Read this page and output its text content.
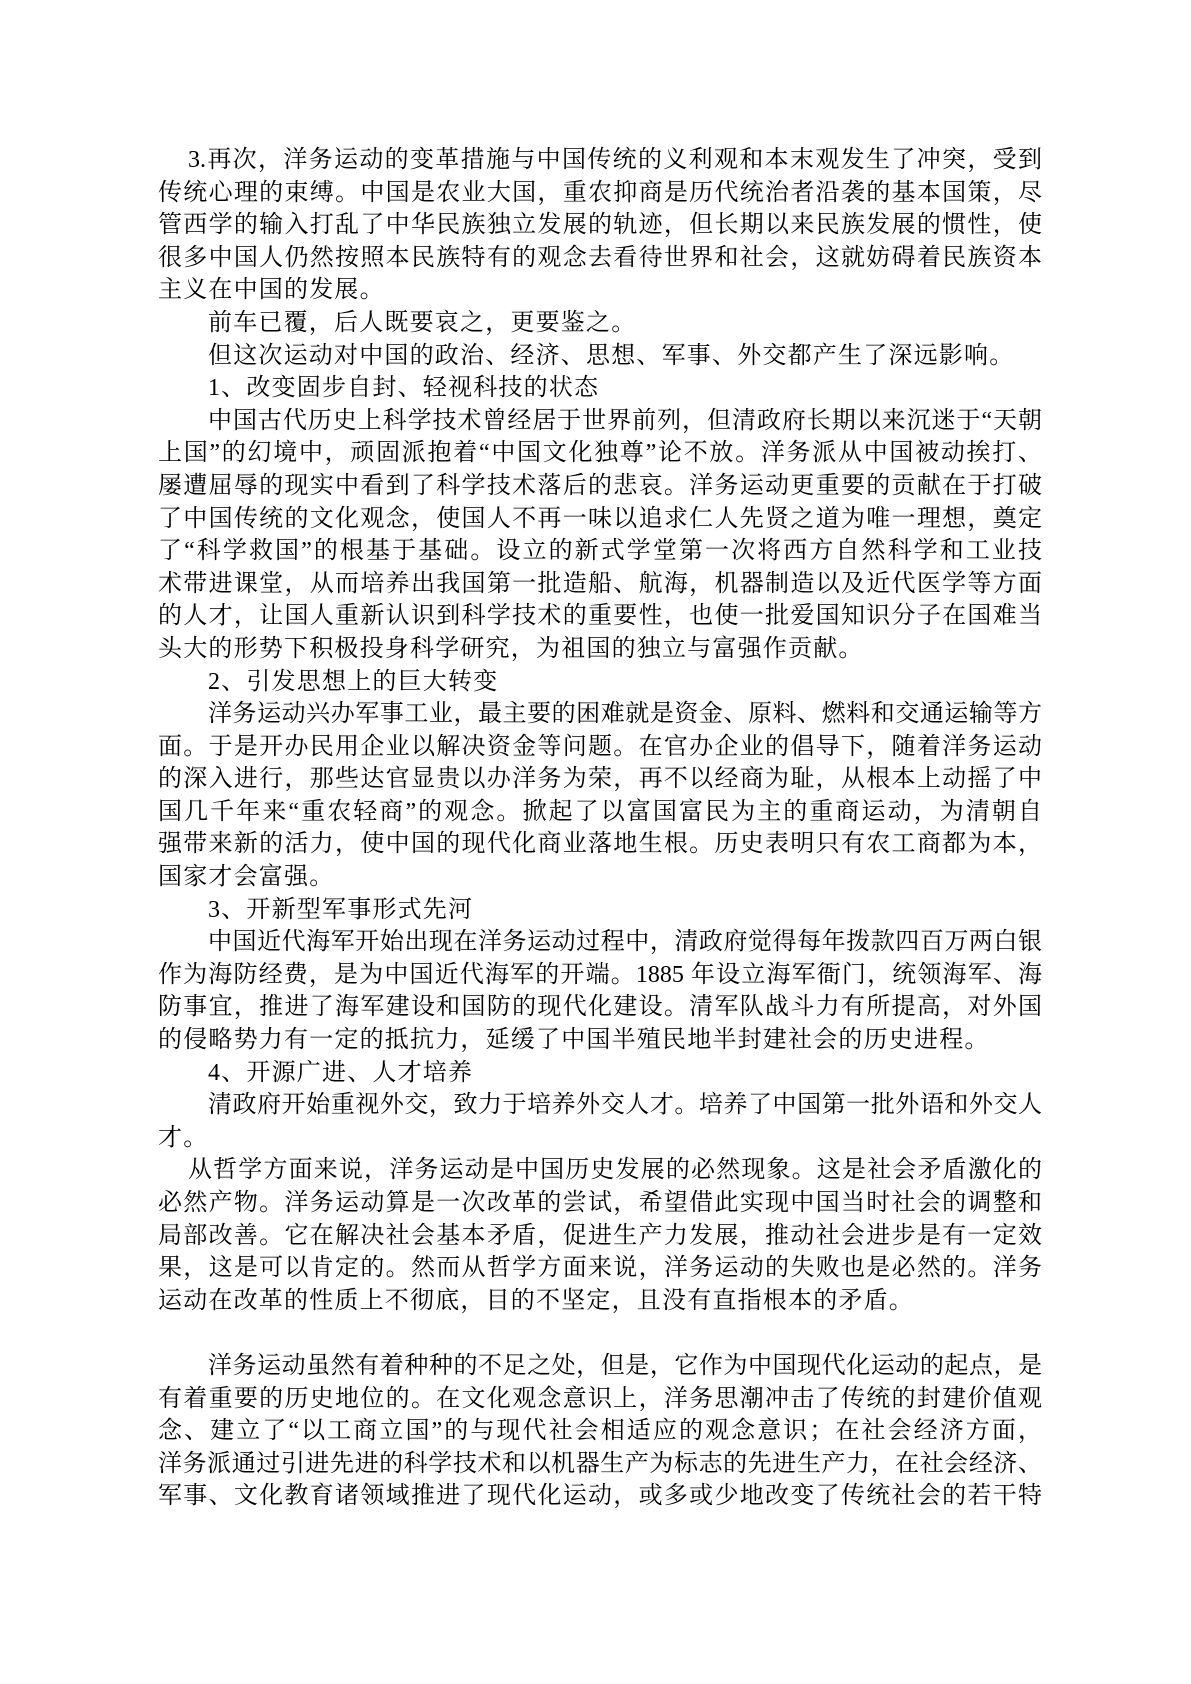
3.再次，洋务运动的变革措施与中国传统的义利观和本末观发生了冲突，受到
传统心理的束缚。中国是农业大国，重农抑商是历代统治者沿袭的基本国策，尽
管西学的输入打乱了中华民族独立发展的轨迹，但长期以来民族发展的惯性，使
很多中国人仍然按照本民族特有的观念去看待世界和社会，这就妨碍着民族资本
主义在中国的发展。
前车已覆，后人既要哀之，更要鉴之。
但这次运动对中国的政治、经济、思想、军事、外交都产生了深远影响。
1、改变固步自封、轻视科技的状态
中国古代历史上科学技术曾经居于世界前列，但清政府长期以来沉迷于“天朝
上国”的幻境中，顽固派抱着“中国文化独尊”论不放。洋务派从中国被动挨打、
屡遭屈辱的现实中看到了科学技术落后的悲哀。洋务运动更重要的贡献在于打破
了中国传统的文化观念，使国人不再一味以追求仁人先贤之道为唯一理想，奠定
了“科学救国”的根基于基础。设立的新式学堂第一次将西方自然科学和工业技
术带进课堂，从而培养出我国第一批造船、航海，机器制造以及近代医学等方面
的人才，让国人重新认识到科学技术的重要性，也使一批爱国知识分子在国难当
头大的形势下积极投身科学研究，为祖国的独立与富强作贡献。
2、引发思想上的巨大转变
洋务运动兴办军事工业，最主要的困难就是资金、原料、燃料和交通运输等方
面。于是开办民用企业以解决资金等问题。在官办企业的倡导下，随着洋务运动
的深入进行，那些达官显贵以办洋务为荣，再不以经商为耻，从根本上动摇了中
国几千年来“重农轻商”的观念。掀起了以富国富民为主的重商运动，为清朝自
强带来新的活力，使中国的现代化商业落地生根。历史表明只有农工商都为本，
国家才会富强。
3、开新型军事形式先河
中国近代海军开始出现在洋务运动过程中，清政府觉得每年拨款四百万两白银
作为海防经费，是为中国近代海军的开端。1885 年设立海军衙门，统领海军、海
防事宜，推进了海军建设和国防的现代化建设。清军队战斗力有所提高，对外国
的侵略势力有一定的抵抗力，延缓了中国半殖民地半封建社会的历史进程。
4、开源广进、人才培养
清政府开始重视外交，致力于培养外交人才。培养了中国第一批外语和外交人
才。
从哲学方面来说，洋务运动是中国历史发展的必然现象。这是社会矛盾激化的
必然产物。洋务运动算是一次改革的尝试，希望借此实现中国当时社会的调整和
局部改善。它在解决社会基本矛盾，促进生产力发展，推动社会进步是有一定效
果，这是可以肯定的。然而从哲学方面来说，洋务运动的失败也是必然的。洋务
运动在改革的性质上不彻底，目的不坚定，且没有直指根本的矛盾。
洋务运动虽然有着种种的不足之处，但是，它作为中国现代化运动的起点，是
有着重要的历史地位的。在文化观念意识上，洋务思潮冲击了传统的封建价值观
念、建立了“以工商立国”的与现代社会相适应的观念意识；在社会经济方面，
洋务派通过引进先进的科学技术和以机器生产为标志的先进生产力，在社会经济、
军事、文化教育诸领域推进了现代化运动，或多或少地改变了传统社会的若干特
